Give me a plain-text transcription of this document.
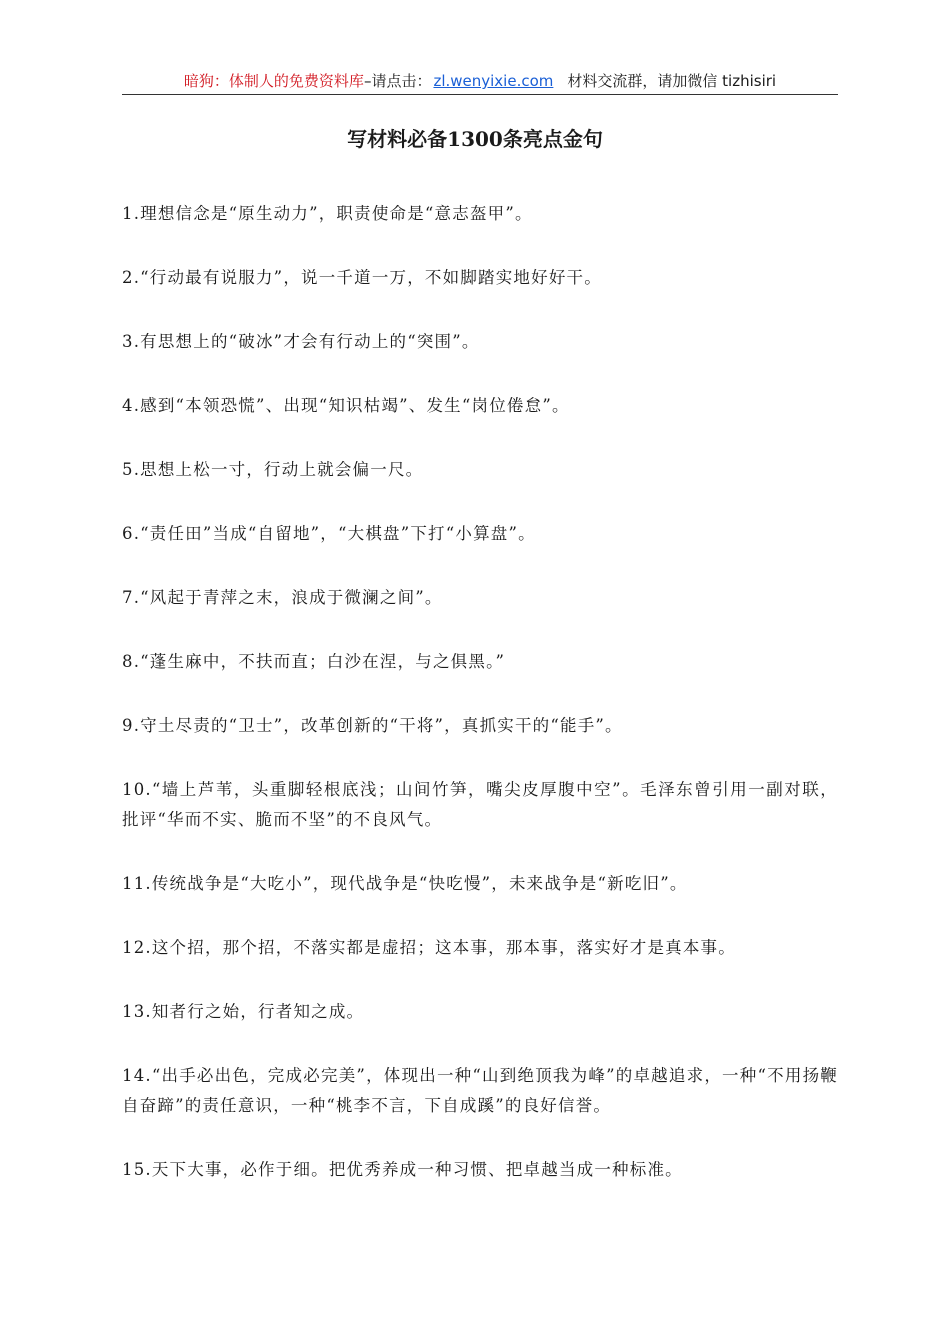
暗狗：体制人的免费资料库–请点击： zl.wenyixie.com 材料交流群，请加微信 tizhisiri
写材料必备1300条亮点金句

1.理想信念是“原生动力”，职责使命是“意志盔甲”。

2.“行动最有说服力”，说一千道一万，不如脚踏实地好好干。

3.有思想上的“破冰”才会有行动上的“突围”。

4.感到“本领恐慌”、出现“知识枯竭”、发生“岗位倦怠”。

5.思想上松一寸，行动上就会偏一尺。

6.“责任田”当成“自留地”，“大棋盘”下打“小算盘”。

7.“风起于青萍之末，浪成于微澜之间”。

8.“蓬生麻中，不扶而直；白沙在涅，与之俱黑。”

9.守土尽责的“卫士”，改革创新的“干将”，真抓实干的“能手”。

10.“墙上芦苇，头重脚轻根底浅；山间竹笋，嘴尖皮厚腹中空”。毛泽东曾引用一副对联，批评“华而不实、脆而不坚”的不良风气。

11.传统战争是“大吃小”，现代战争是“快吃慢”，未来战争是“新吃旧”。

12.这个招，那个招，不落实都是虚招；这本事，那本事，落实好才是真本事。

13.知者行之始，行者知之成。

14.“出手必出色，完成必完美”，体现出一种“山到绝顶我为峰”的卓越追求，一种“不用扬鞭自奋蹄”的责任意识，一种“桃李不言，下自成蹊”的良好信誉。

15.天下大事，必作于细。把优秀养成一种习惯、把卓越当成一种标准。
